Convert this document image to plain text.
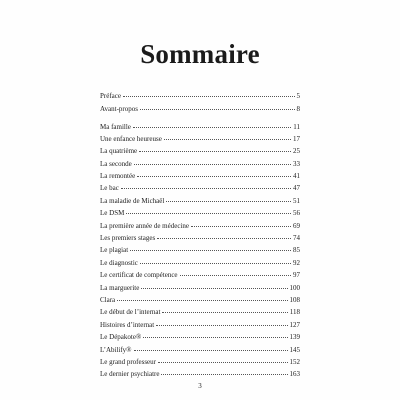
Sommaire
Préface	5
Avant-propos	8
Ma famille	11
Une enfance heureuse	17
La quatrième	25
La seconde	33
La remontée	41
Le bac	47
La maladie de Michaël	51
Le DSM	56
La première année de médecine	69
Les premiers stages	74
Le plagiat	85
Le diagnostic	92
Le certificat de compétence	97
La marguerite	100
Clara	108
Le début de l’internat	118
Histoires d’internat	127
Le Dépakote®	139
L’Abilify®	145
Le grand professeur	152
Le dernier psychiatre	163
3
